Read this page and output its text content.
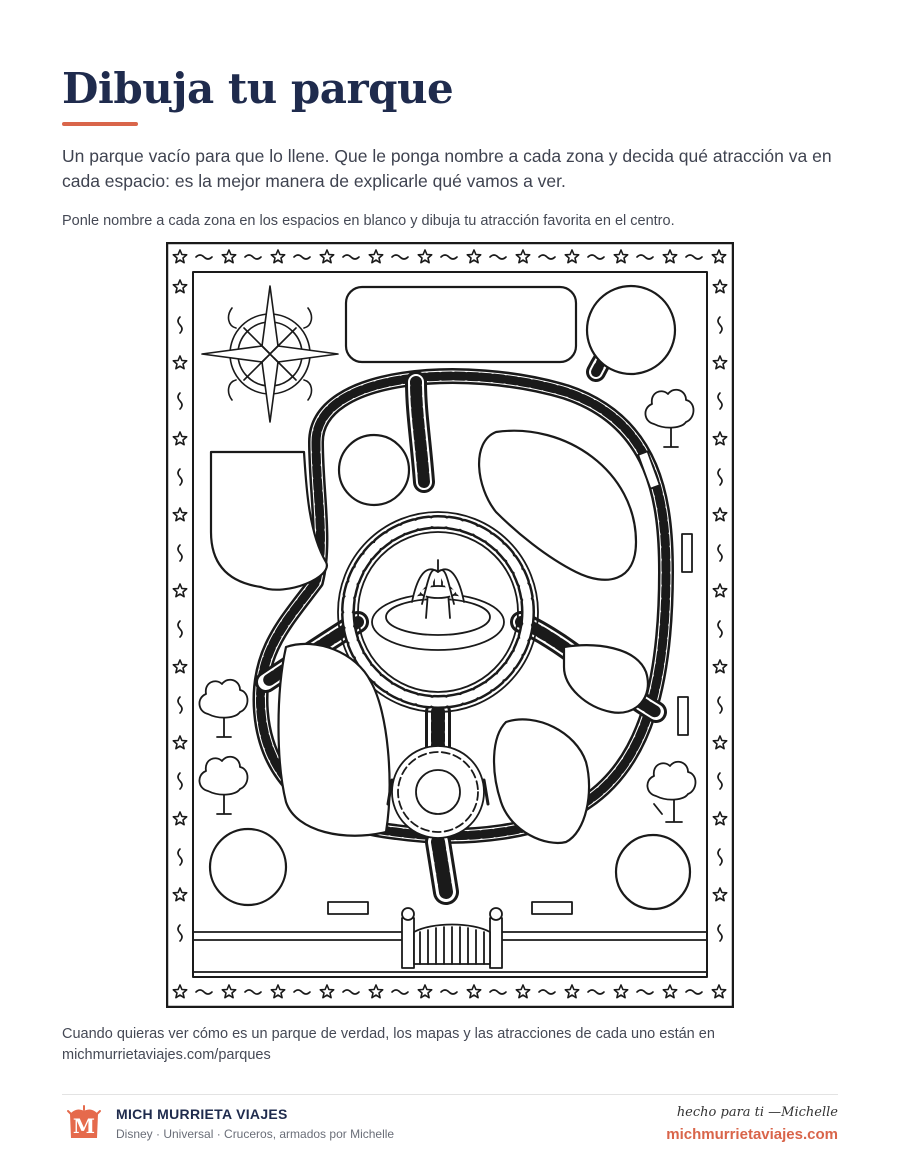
Dibuja tu parque

Un parque vacío para que lo llene. Que le ponga nombre a cada zona y decida qué atracción va en cada espacio: es la mejor manera de explicarle qué vamos a ver.

Ponle nombre a cada zona en los espacios en blanco y dibuja tu atracción favorita en el centro.

Cuando quieras ver cómo es un parque de verdad, los mapas y las atracciones de cada uno están en michmurrietaviajes.com/parques

M MICH MURRIETA VIAJES
Disney · Universal · Cruceros, armados por Michelle
hecho para ti —Michelle
michmurrietaviajes.com
